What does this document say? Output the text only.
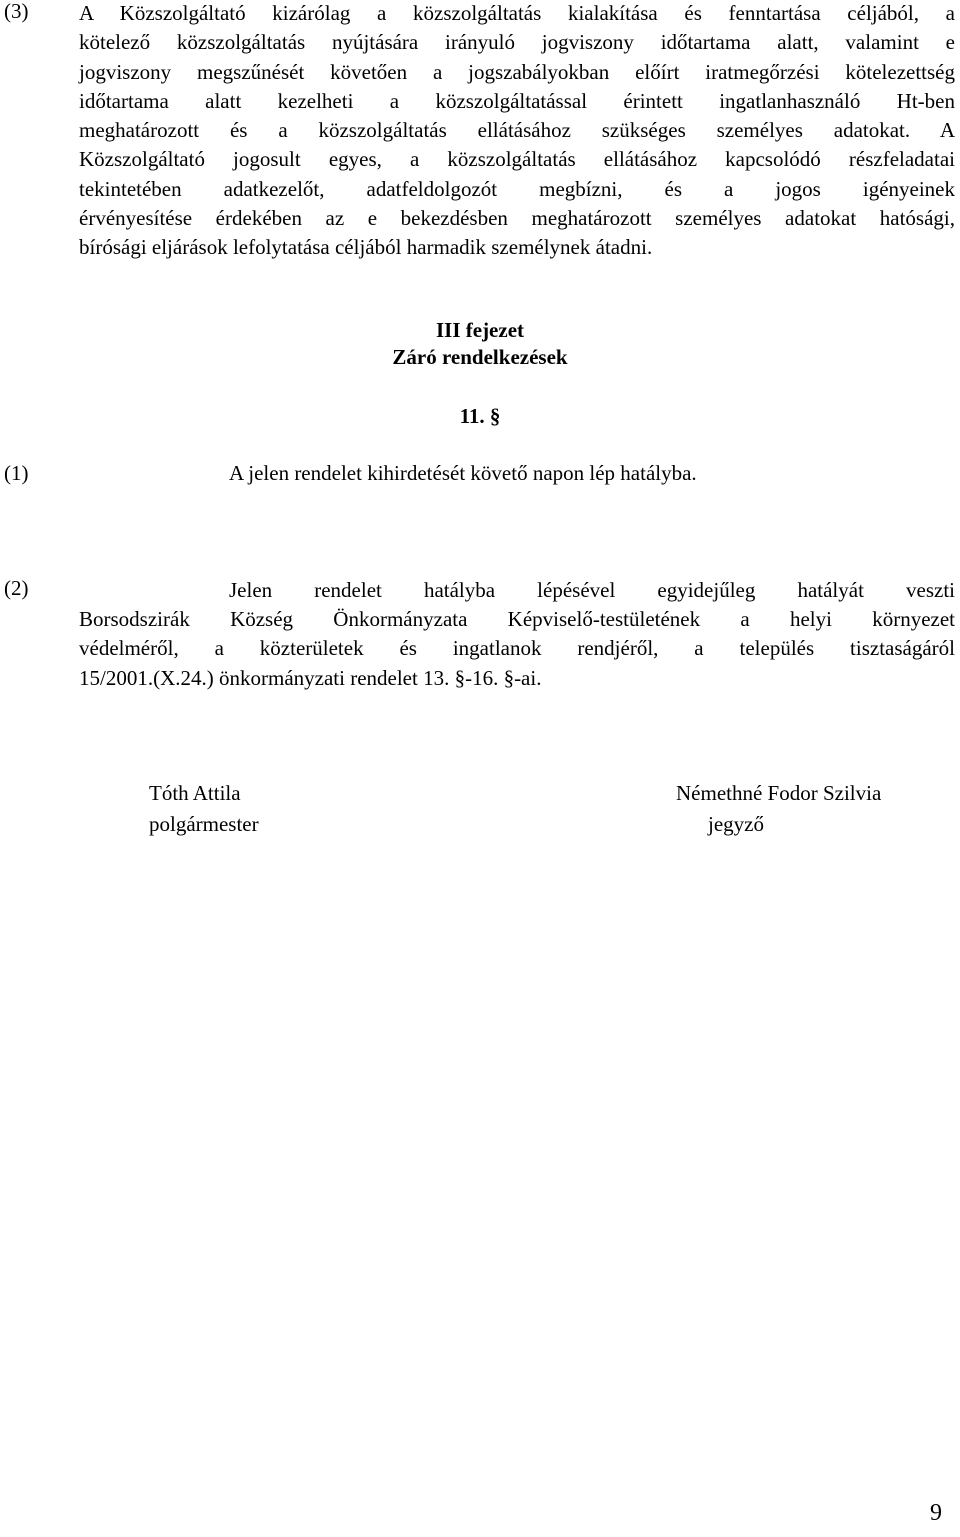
(3) A Közszolgáltató kizárólag a közszolgáltatás kialakítása és fenntartása céljából, a
kötelező közszolgáltatás nyújtására irányuló jogviszony időtartama alatt, valamint e
jogviszony megszűnését követően a jogszabályokban előírt iratmegőrzési kötelezettség
időtartama alatt kezelheti a közszolgáltatással érintett ingatlanhasználó Ht-ben
meghatározott és a közszolgáltatás ellátásához szükséges személyes adatokat. A
Közszolgáltató jogosult egyes, a közszolgáltatás ellátásához kapcsolódó részfeladatai
tekintetében adatkezelőt, adatfeldolgozót megbízni, és a jogos igényeinek
érvényesítése érdekében az e bekezdésben meghatározott személyes adatokat hatósági,
bírósági eljárások lefolytatása céljából harmadik személynek átadni.
III fejezet
Záró rendelkezések
11. §
(1)	A jelen rendelet kihirdetését követő napon lép hatályba.
(2)	Jelen rendelet hatályba lépésével egyidejűleg hatályát veszti
Borsodszirák Község Önkormányzata Képviselő-testületének a helyi környezet
védelméről, a közterületek és ingatlanok rendjéről, a település tisztaságáról
15/2001.(X.24.) önkormányzati rendelet 13. §-16. §-ai.
Tóth Attila
polgármester
Némethné Fodor Szilvia
jegyző
9
